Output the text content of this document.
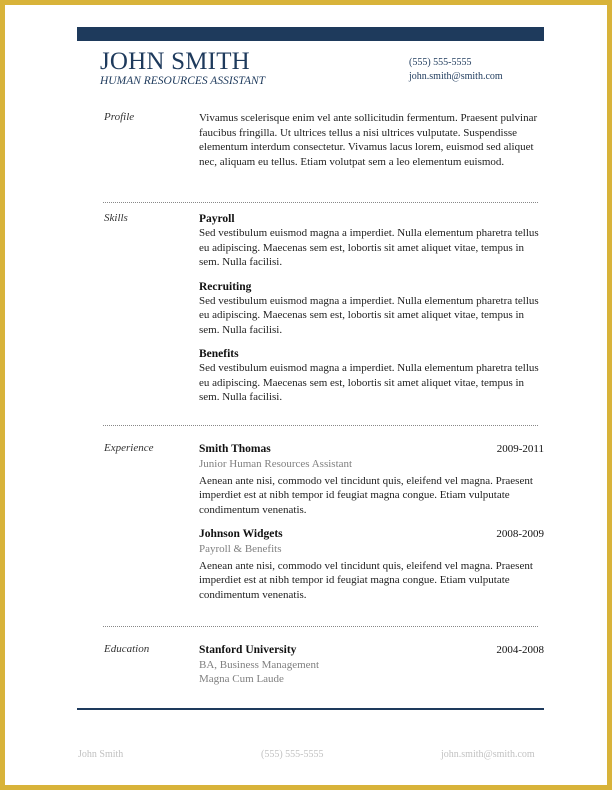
JOHN SMITH
HUMAN RESOURCES ASSISTANT
(555) 555-5555
john.smith@smith.com
Profile	Vivamus scelerisque enim vel ante sollicitudin fermentum. Praesent pulvinar faucibus fringilla. Ut ultrices tellus a nisi ultrices vulputate. Suspendisse elementum interdum consectetur. Vivamus lacus lorem, euismod sed aliquet nec, aliquam eu tellus. Etiam volutpat sem a leo elementum euismod.

Skills	Payroll

Sed vestibulum euismod magna a imperdiet. Nulla elementum pharetra tellus eu adipiscing. Maecenas sem est, lobortis sit amet aliquet vitae, tempus in sem. Nulla facilisi.

Recruiting

Sed vestibulum euismod magna a imperdiet. Nulla elementum pharetra tellus eu adipiscing. Maecenas sem est, lobortis sit amet aliquet vitae, tempus in sem. Nulla facilisi.

Benefits

Sed vestibulum euismod magna a imperdiet. Nulla elementum pharetra tellus eu adipiscing. Maecenas sem est, lobortis sit amet aliquet vitae, tempus in sem. Nulla facilisi.

Experience	Smith Thomas	2009-2011
Junior Human Resources Assistant

Aenean ante nisi, commodo vel tincidunt quis, eleifend vel magna. Praesent imperdiet est at nibh tempor id feugiat magna congue. Etiam vulputate condimentum venenatis.

Johnson Widgets	2008-2009
Payroll & Benefits

Aenean ante nisi, commodo vel tincidunt quis, eleifend vel magna. Praesent imperdiet est at nibh tempor id feugiat magna congue. Etiam vulputate condimentum venenatis.

Education	Stanford University	2004-2008
BA, Business Management
Magna Cum Laude
John Smith	(555) 555-5555	john.smith@smith.com
